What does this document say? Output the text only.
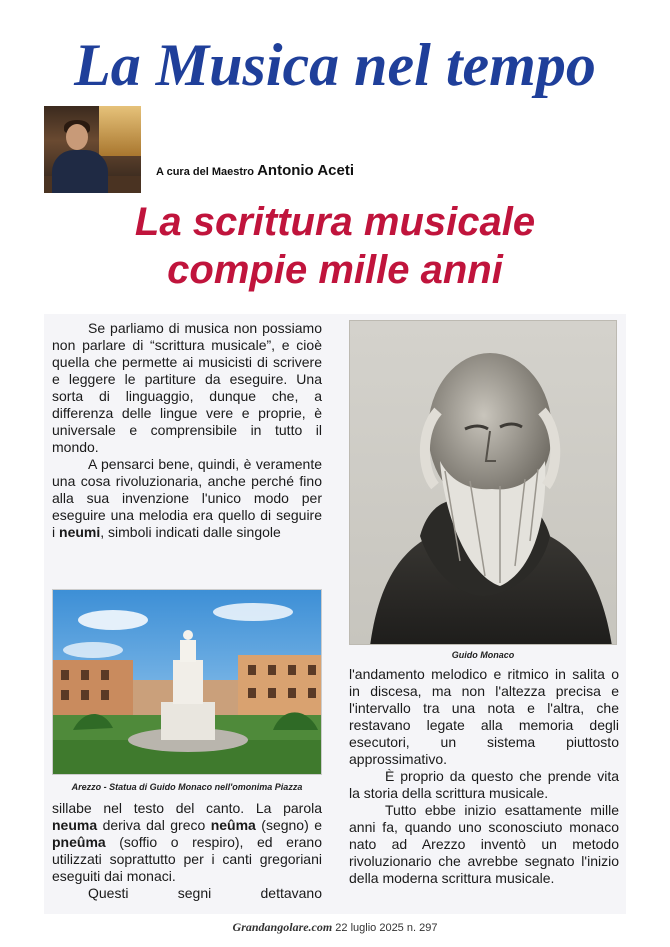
La Musica nel tempo
A cura del Maestro Antonio Aceti
La scrittura musicale
compie mille anni

Se parliamo di musica non possiamo non parlare di “scrittura musicale”, e cioè quella che permette ai musicisti di scrivere e leggere le partiture da eseguire. Una sorta di linguaggio, dunque che, a differenza delle lingue vere e proprie, è universale e comprensibile in tutto il mondo.

A pensarci bene, quindi, è veramente una cosa rivoluzionaria, anche perché fino alla sua invenzione l'unico modo per eseguire una melodia era quello di seguire i neumi, simboli indicati dalle singole

Guido Monaco
Arezzo - Statua di Guido Monaco nell'omonima Piazza

sillabe nel testo del canto. La parola neuma deriva dal greco neûma (segno) e pneûma (soffio o respiro), ed erano utilizzati soprattutto per i canti gregoriani eseguiti dai monaci.

Questi segni dettavano

l'andamento melodico e ritmico in salita o in discesa, ma non l'altezza precisa e l'intervallo tra una nota e l'altra, che restavano legate alla memoria degli esecutori, un sistema piuttosto approssimativo.

È proprio da questo che prende vita la storia della scrittura musicale.

Tutto ebbe inizio esattamente mille anni fa, quando uno sconosciuto monaco nato ad Arezzo inventò un metodo rivoluzionario che avrebbe segnato l'inizio della moderna scrittura musicale.

Grandangolare.com 22 luglio 2025 n. 297
